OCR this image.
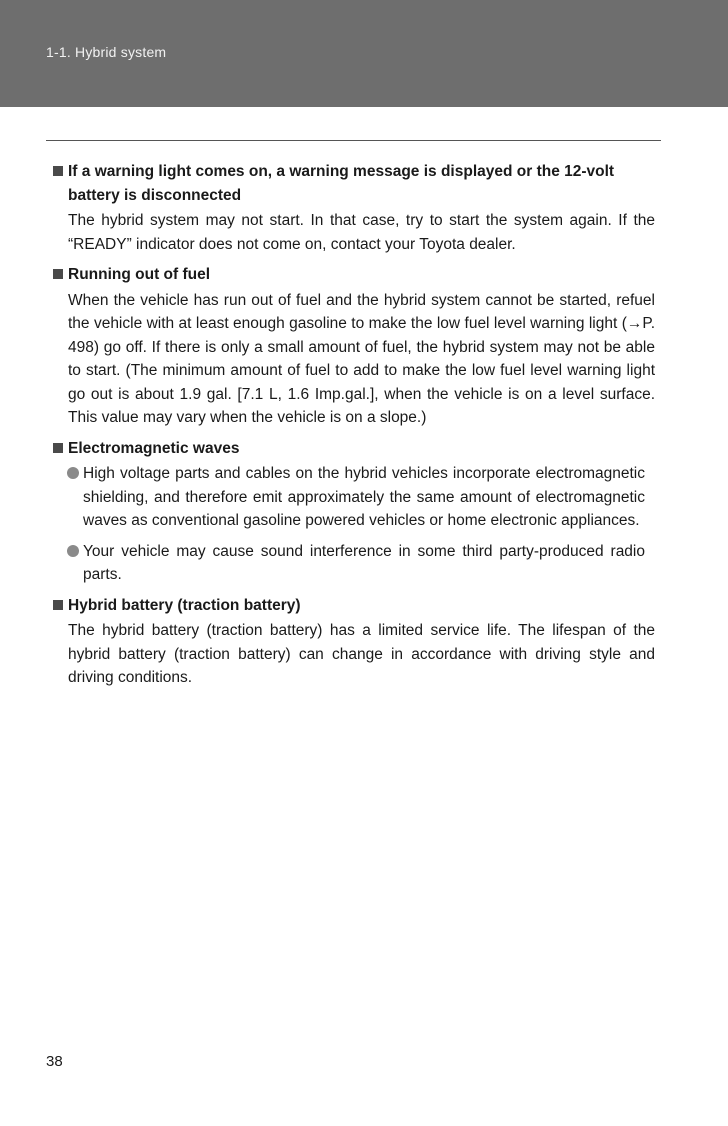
1-1. Hybrid system
If a warning light comes on, a warning message is displayed or the 12-volt battery is disconnected

The hybrid system may not start. In that case, try to start the system again. If the “READY” indicator does not come on, contact your Toyota dealer.

Running out of fuel

When the vehicle has run out of fuel and the hybrid system cannot be started, refuel the vehicle with at least enough gasoline to make the low fuel level warning light (→P. 498) go off. If there is only a small amount of fuel, the hybrid system may not be able to start. (The minimum amount of fuel to add to make the low fuel level warning light go out is about 1.9 gal. [7.1 L, 1.6 Imp.gal.], when the vehicle is on a level surface. This value may vary when the vehicle is on a slope.)

Electromagnetic waves
High voltage parts and cables on the hybrid vehicles incorporate electromagnetic shielding, and therefore emit approximately the same amount of electromagnetic waves as conventional gasoline powered vehicles or home electronic appliances.
Your vehicle may cause sound interference in some third party-produced radio parts.
Hybrid battery (traction battery)

The hybrid battery (traction battery) has a limited service life. The lifespan of the hybrid battery (traction battery) can change in accordance with driving style and driving conditions.

38
